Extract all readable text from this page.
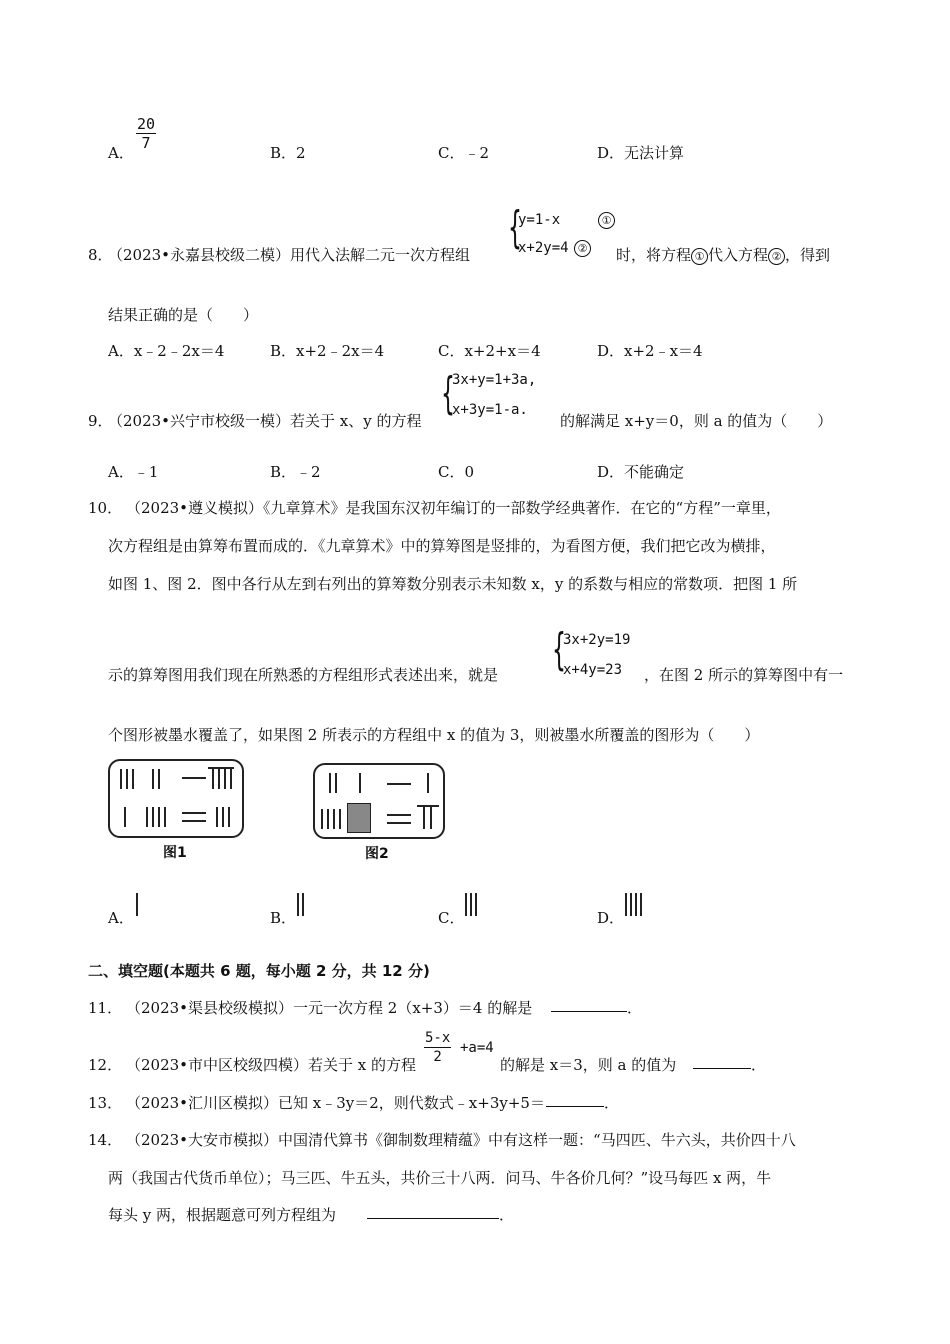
A．
$\frac{20}{7}$
B．2	C．﹣2	D．无法计算
8．
（2023•永嘉县校级二模）用代入法解二元一次方程组
{
y=1-x	①
x+2y=4 ② 时，将方程 ① 代入方程 ② ，得到
结果正确的是（　　）
A．x﹣2﹣2x＝4	B．x+2﹣2x＝4	C．x+2+x＝4	D．x+2﹣x＝4
9．
（2023•兴宁市校级一模）若关于 x、y 的方程
{
3x+y=1+3a,
x+3y=1-a.
的解满足 x+y＝0，则 a 的值为（　　）
A．﹣1	B．﹣2	C．0	D．不能确定
10． （2023•遵义模拟）《九章算术》是我国东汉初年编订的一部数学经典著作．在它的“方程”一章里，
次方程组是由算筹布置而成的．《九章算术》中的算筹图是竖排的，为看图方便，我们把它改为横排，
如图 1、图 2．图中各行从左到右列出的算筹数分别表示未知数 x，y 的系数与相应的常数项．把图 1 所
示的算筹图用我们现在所熟悉的方程组形式表述出来，就是 {
3x+2y=19
x+4y=23 ，在图 2 所示的算筹图中有一
个图形被墨水覆盖了，如果图 2 所表示的方程组中 x 的值为 3，则被墨水所覆盖的图形为（　　）
图1	图2
A．	B．	C．	D．
二、填空题(本题共 6 题，每小题 2 分，共 12 分)
11． （2023•渠县校级模拟）一元一次方程 2（x+3）＝4 的解是	．
12． （2023•市中区校级四模）若关于 x 的方程 $\frac{5-x}{2} +a=4$
的解是 x＝3，则 a 的值为	．
13． （2023•汇川区模拟）已知 x﹣3y＝2，则代数式﹣x+3y+5＝	．
14． （2023•大安市模拟）中国清代算书《御制数理精蕴》中有这样一题：“马四匹、牛六头，共价四十八
两（我国古代货币单位）；马三匹、牛五头，共价三十八两．问马、牛各价几何？”设马每匹 x 两，牛
每头 y 两，根据题意可列方程组为	．
